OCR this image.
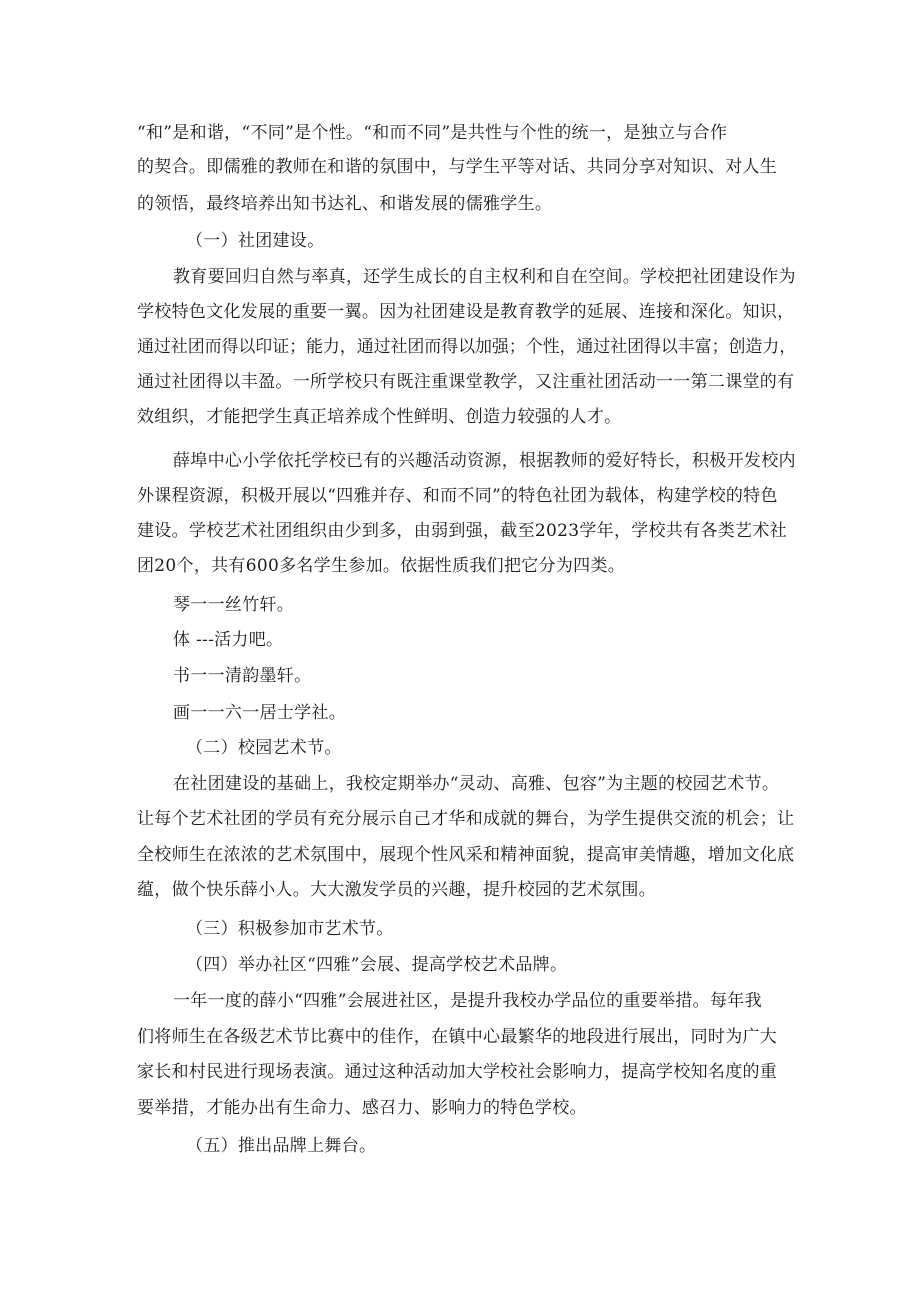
“和”是和谐，“不同”是个性。“和而不同”是共性与个性的统一，是独立与合作

的契合。即儒雅的教师在和谐的氛围中，与学生平等对话、共同分享对知识、对人生

的领悟，最终培养出知书达礼、和谐发展的儒雅学生。

（一）社团建设。

教育要回归自然与率真，还学生成长的自主权利和自在空间。学校把社团建设作为

学校特色文化发展的重要一翼。因为社团建设是教育教学的延展、连接和深化。知识，

通过社团而得以印证；能力，通过社团而得以加强；个性，通过社团得以丰富；创造力，

通过社团得以丰盈。一所学校只有既注重课堂教学，又注重社团活动一一第二课堂的有

效组织，才能把学生真正培养成个性鲜明、创造力较强的人才。

薛埠中心小学依托学校已有的兴趣活动资源，根据教师的爱好特长，积极开发校内

外课程资源，积极开展以“四雅并存、和而不同”的特色社团为载体，构建学校的特色

建设。学校艺术社团组织由少到多，由弱到强，截至2023学年，学校共有各类艺术社

团20个，共有600多名学生参加。依据性质我们把它分为四类。

琴一一丝竹轩。

体 ---活力吧。

书一一清韵墨轩。

画一一六一居士学社。

（二）校园艺术节。

在社团建设的基础上，我校定期举办“灵动、高雅、包容”为主题的校园艺术节。

让每个艺术社团的学员有充分展示自己才华和成就的舞台，为学生提供交流的机会；让

全校师生在浓浓的艺术氛围中，展现个性风采和精神面貌，提高审美情趣，增加文化底

蕴，做个快乐薛小人。大大激发学员的兴趣，提升校园的艺术氛围。

（三）积极参加市艺术节。

（四）举办社区“四雅”会展、提高学校艺术品牌。

一年一度的薛小“四雅”会展进社区，是提升我校办学品位的重要举措。每年我

们将师生在各级艺术节比赛中的佳作，在镇中心最繁华的地段进行展出，同时为广大

家长和村民进行现场表演。通过这种活动加大学校社会影响力，提高学校知名度的重

要举措，才能办出有生命力、感召力、影响力的特色学校。

（五）推出品牌上舞台。
